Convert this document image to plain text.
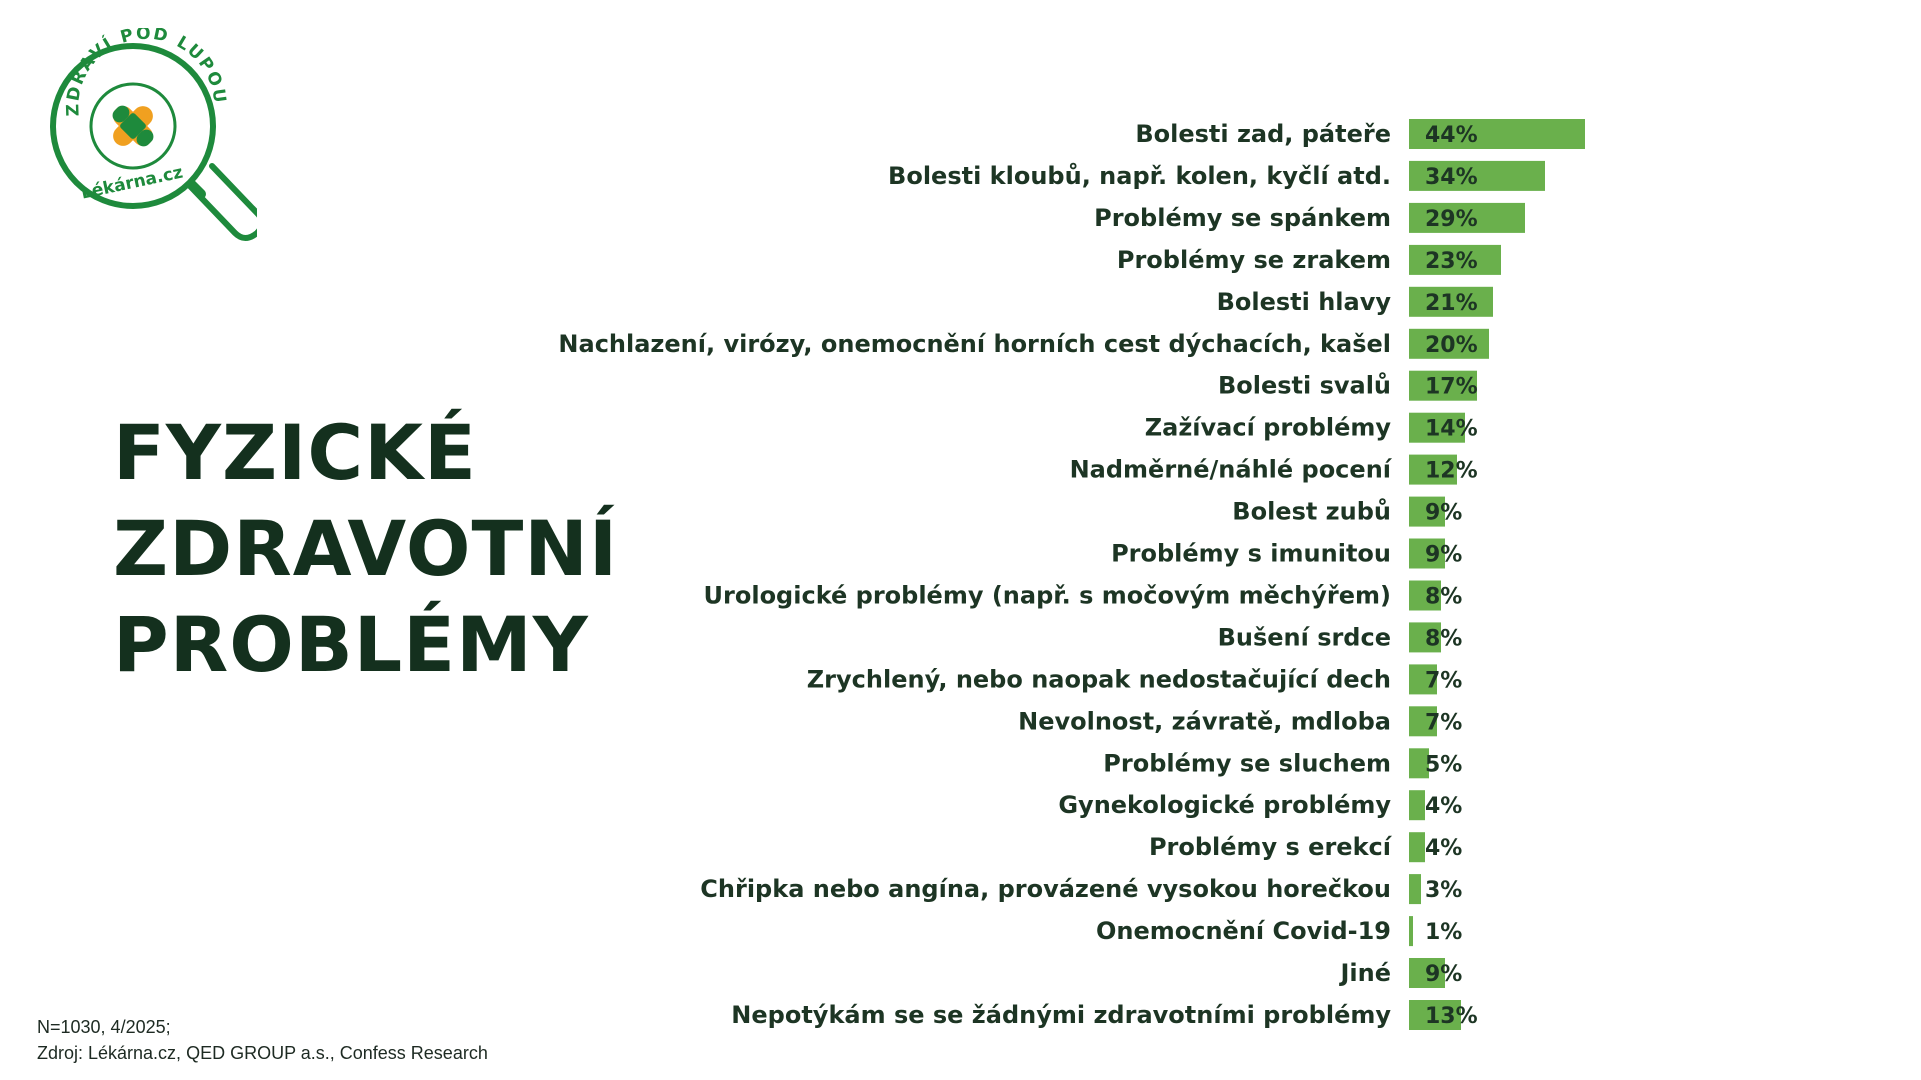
ZDRAVÍ POD LUPOU
Lékárna.cz
FYZICKÉ
ZDRAVOTNÍ
PROBLÉMY
Bolesti zad, páteře 44%
Bolesti kloubů, např. kolen, kyčlí atd. 34%
Problémy se spánkem 29%
Problémy se zrakem 23%
Bolesti hlavy 21%
Nachlazení, virózy, onemocnění horních cest dýchacích, kašel 20%
Bolesti svalů 17%
Zažívací problémy 14%
Nadměrné/náhlé pocení 12%
Bolest zubů 9%
Problémy s imunitou 9%
Urologické problémy (např. s močovým měchýřem) 8%
Bušení srdce 8%
Zrychlený, nebo naopak nedostačující dech 7%
Nevolnost, závratě, mdloba 7%
Problémy se sluchem 5%
Gynekologické problémy 4%
Problémy s erekcí 4%
Chřipka nebo angína, provázené vysokou horečkou 3%
Onemocnění Covid-19 1%
Jiné 9%
Nepotýkám se se žádnými zdravotními problémy 13%
N=1030, 4/2025;
Zdroj: Lékárna.cz, QED GROUP a.s., Confess Research
